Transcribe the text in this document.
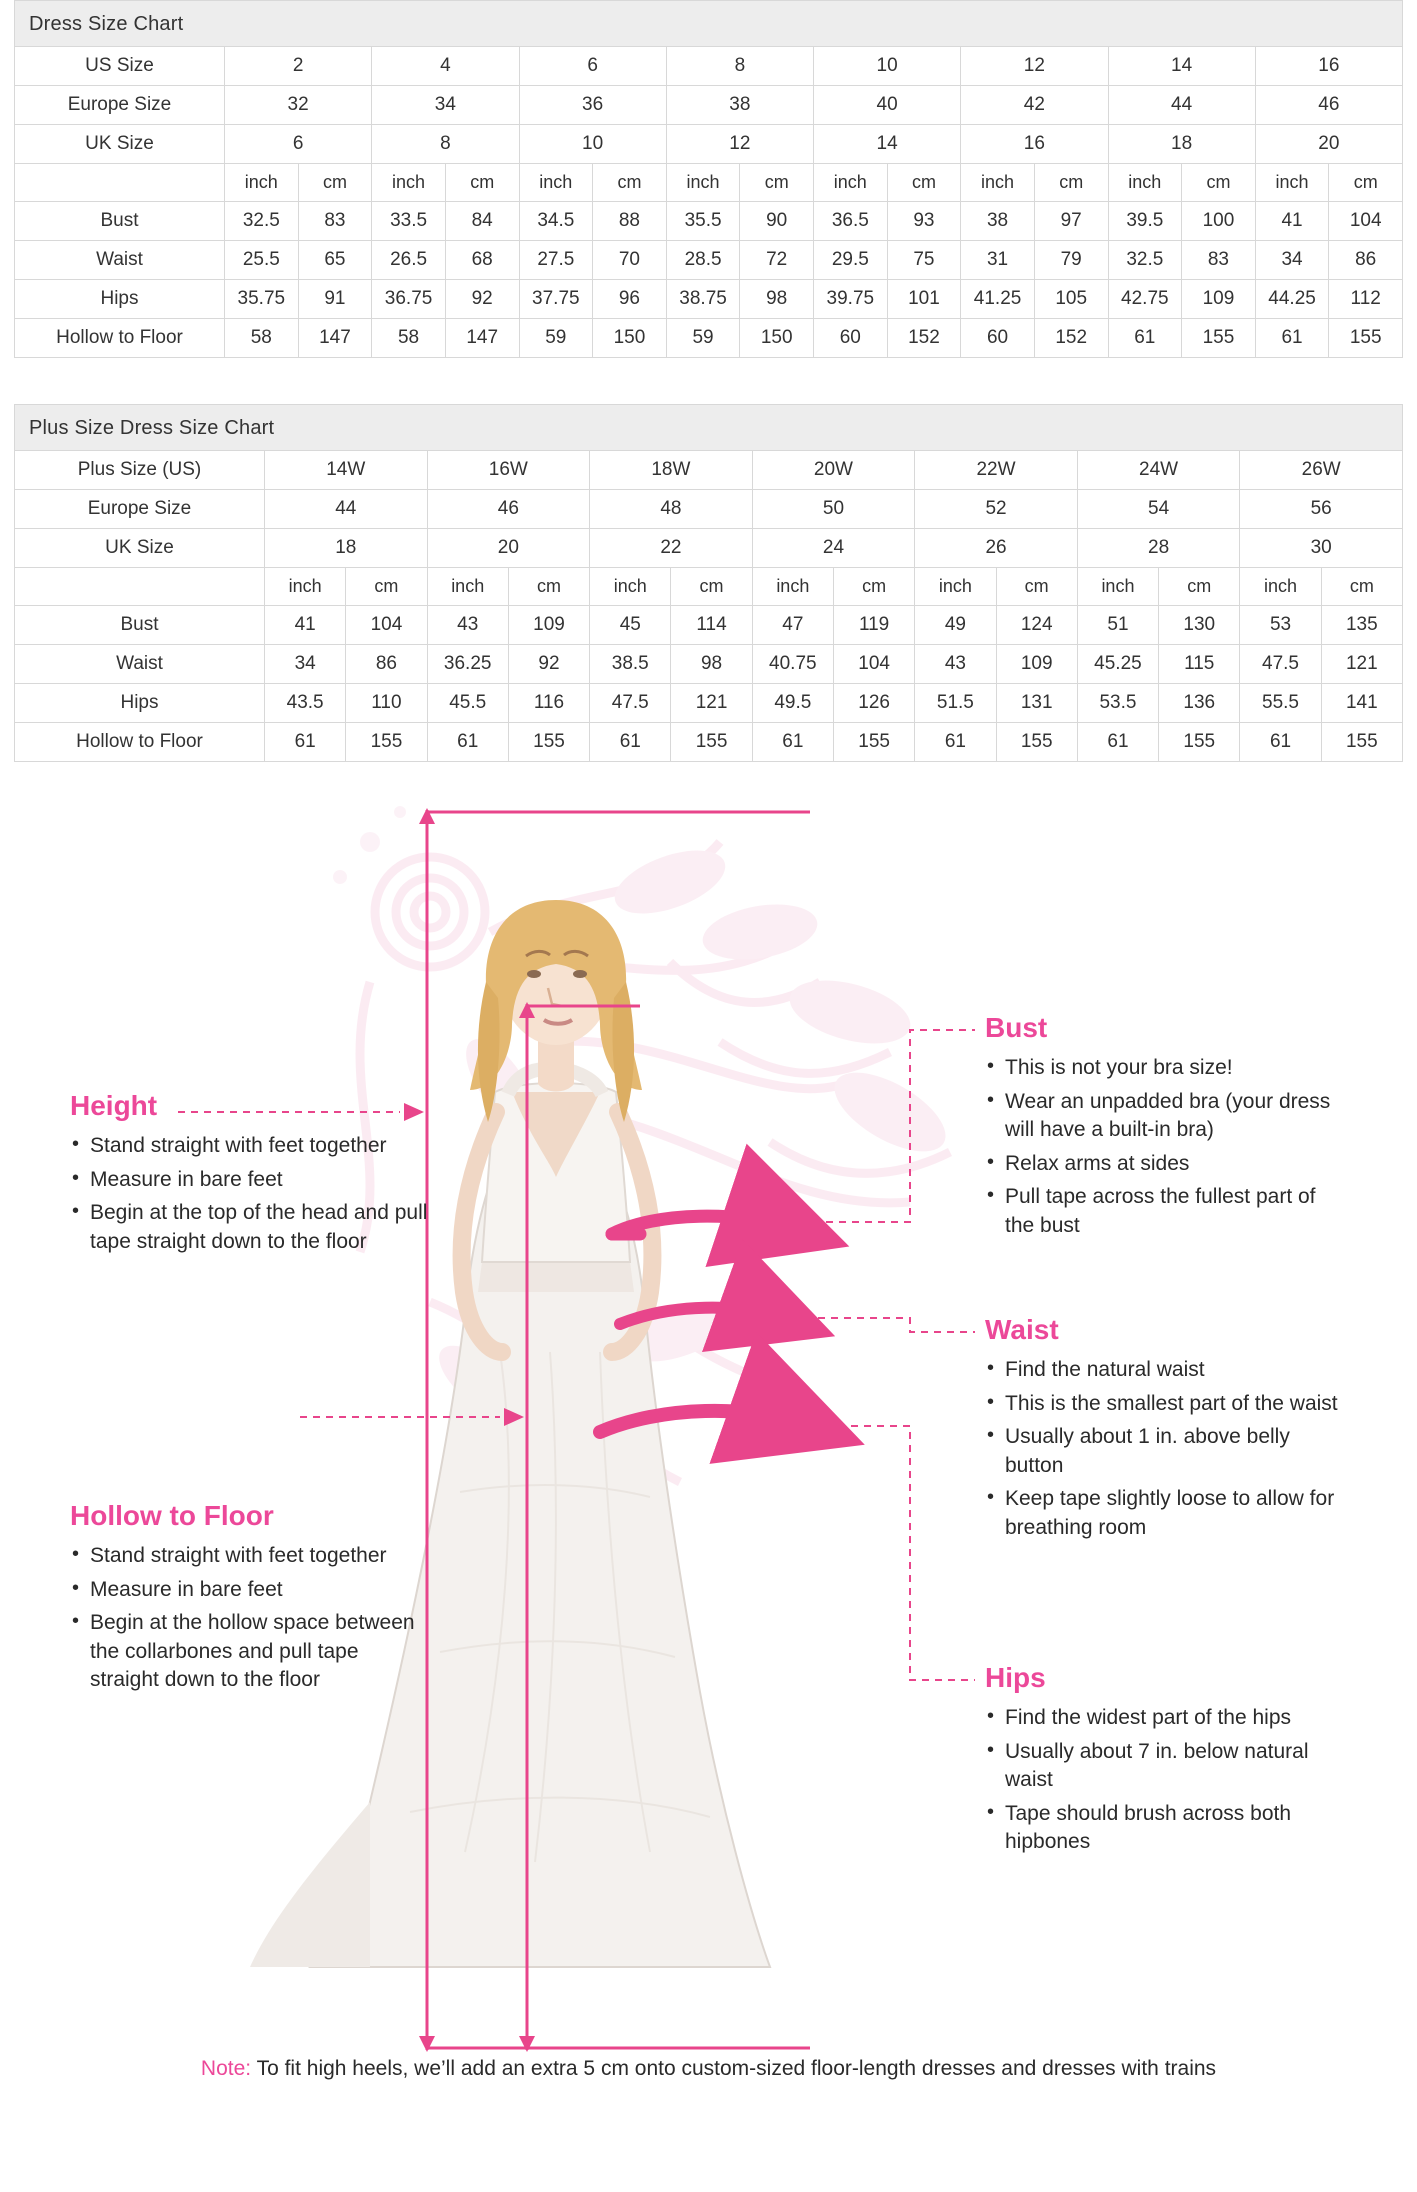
Dress Size Chart
US Size	2		4		6		8		10		12		14		16	
Europe Size	32		34		36		38		40		42		44		46	
UK Size	6		8		10		12		14		16		18		20	
	inch	cm	inch	cm	inch	cm	inch	cm	inch	cm	inch	cm	inch	cm	inch	cm
Bust	32.5	83	33.5	84	34.5	88	35.5	90	36.5	93	38	97	39.5	100	41	104
Waist	25.5	65	26.5	68	27.5	70	28.5	72	29.5	75	31	79	32.5	83	34	86
Hips	35.75	91	36.75	92	37.75	96	38.75	98	39.75	101	41.25	105	42.75	109	44.25	112
Hollow to Floor	58	147	58	147	59	150	59	150	60	152	60	152	61	155	61	155
Plus Size Dress Size Chart
Plus Size (US)	14W		16W		18W		20W		22W		24W		26W	
Europe Size	44		46		48		50		52		54		56	
UK Size	18		20		22		24		26		28		30	
	inch	cm	inch	cm	inch	cm	inch	cm	inch	cm	inch	cm	inch	cm
Bust	41	104	43	109	45	114	47	119	49	124	51	130	53	135
Waist	34	86	36.25	92	38.5	98	40.75	104	43	109	45.25	115	47.5	121
Hips	43.5	110	45.5	116	47.5	121	49.5	126	51.5	131	53.5	136	55.5	141
Hollow to Floor	61	155	61	155	61	155	61	155	61	155	61	155	61	155
Height
• Stand straight with feet together
• Measure in bare feet
• Begin at the top of the head and pull tape straight down to the floor
Hollow to Floor
• Stand straight with feet together
• Measure in bare feet
• Begin at the hollow space between the collarbones and pull tape straight down to the floor
Bust
• This is not your bra size!
• Wear an unpadded bra (your dress will have a built-in bra)
• Relax arms at sides
• Pull tape across the fullest part of the bust
Waist
• Find the natural waist
• This is the smallest part of the waist
• Usually about 1 in. above belly button
• Keep tape slightly loose to allow for breathing room
Hips
• Find the widest part of the hips
• Usually about 7 in. below natural waist
• Tape should brush across both hipbones
Note: To fit high heels, we’ll add an extra 5 cm onto custom-sized floor-length dresses and dresses with trains
